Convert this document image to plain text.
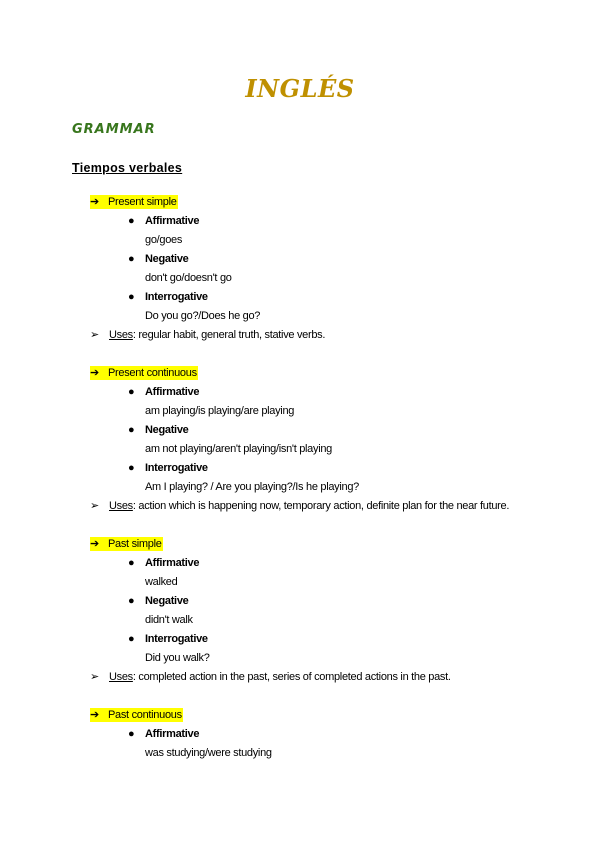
INGLÉS
GRAMMAR
Tiempos verbales
➔ Present simple
● Affirmative
go/goes
● Negative
don't go/doesn't go
● Interrogative
Do you go?/Does he go?
➢ Uses: regular habit, general truth, stative verbs.
➔ Present continuous
● Affirmative
am playing/is playing/are playing
● Negative
am not playing/aren't playing/isn't playing
● Interrogative
Am I playing? / Are you playing?/Is he playing?
➢ Uses: action which is happening now, temporary action, definite plan for the near future.
➔ Past simple
● Affirmative
walked
● Negative
didn't walk
● Interrogative
Did you walk?
➢ Uses: completed action in the past, series of completed actions in the past.
➔ Past continuous
● Affirmative
was studying/were studying
